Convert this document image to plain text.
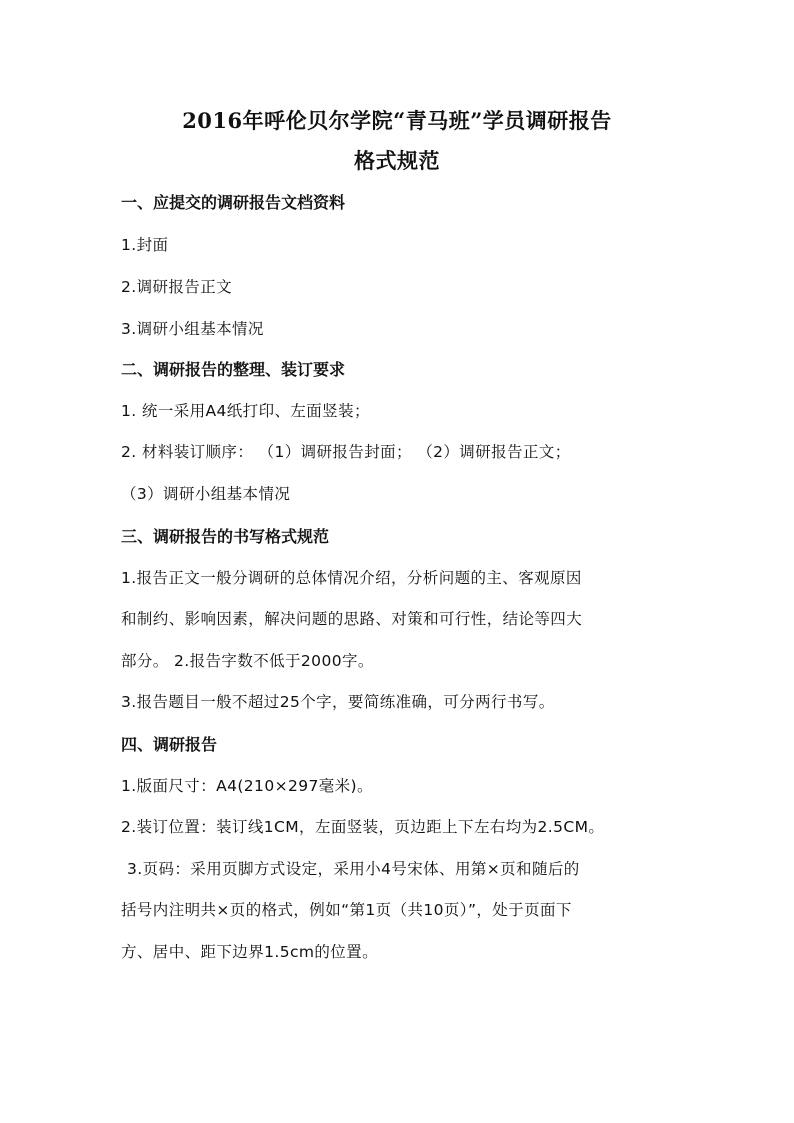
2016年呼伦贝尔学院“青马班”学员调研报告
格式规范
一、应提交的调研报告文档资料
1.封面
2.调研报告正文
3.调研小组基本情况
二、调研报告的整理、装订要求
1. 统一采用A4纸打印、左面竖装；
2. 材料装订顺序： （1）调研报告封面； （2）调研报告正文；
（3）调研小组基本情况
三、调研报告的书写格式规范
1.报告正文一般分调研的总体情况介绍，分析问题的主、客观原因
和制约、影响因素，解决问题的思路、对策和可行性，结论等四大
部分。 2.报告字数不低于2000字。
3.报告题目一般不超过25个字，要简练准确，可分两行书写。
四、调研报告
1.版面尺寸：A4(210×297毫米)。
2.装订位置：装订线1CM，左面竖装，页边距上下左右均为2.5CM。
3.页码：采用页脚方式设定，采用小4号宋体、用第×页和随后的
括号内注明共×页的格式，例如“第1页（共10页）”，处于页面下
方、居中、距下边界1.5cm的位置。
